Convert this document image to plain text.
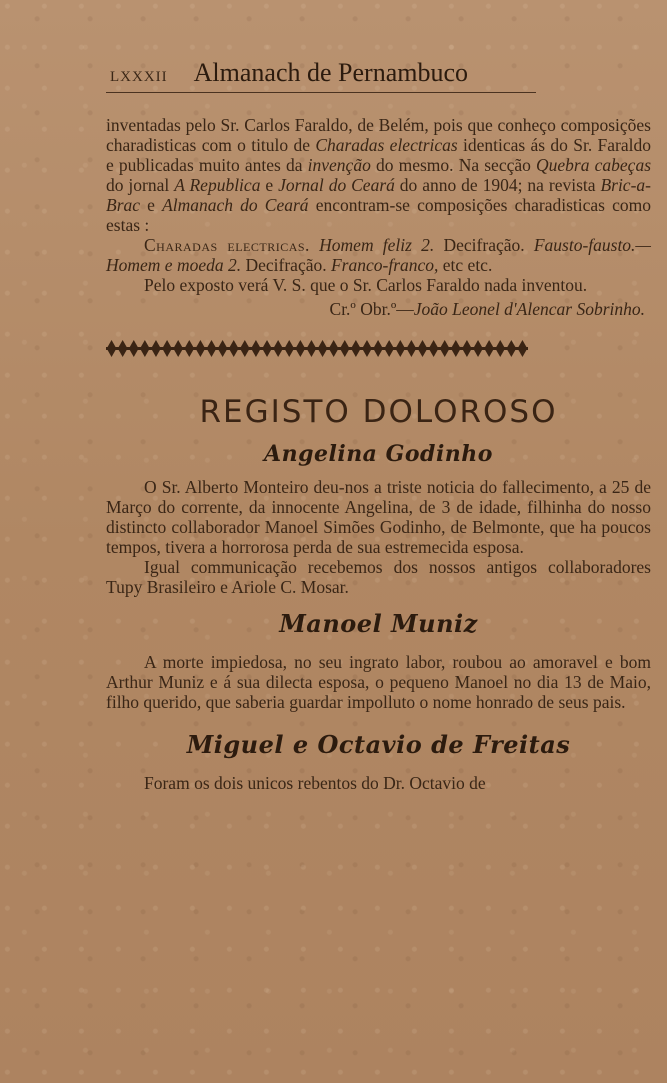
LXXXII Almanach de Pernambuco

inventadas pelo Sr. Carlos Faraldo, de Belém, pois que conheço composições charadisticas com o titulo de Charadas electricas identicas ás do Sr. Faraldo e publicadas muito antes da invenção do mesmo. Na secção Quebra cabeças do jornal A Republica e Jornal do Ceará do anno de 1904; na revista Bric-a-Brac e Almanach do Ceará encontram-se composições charadisticas como estas :

Charadas electricas. Homem feliz 2. Decifração. Fausto-fausto.—Homem e moeda 2. Decifração. Franco-franco, etc etc.

Pelo exposto verá V. S. que o Sr. Carlos Faraldo nada inventou.

Cr.º Obr.º—João Leonel d'Alencar Sobrinho.
REGISTO DOLOROSO
Angelina Godinho

O Sr. Alberto Monteiro deu-nos a triste noticia do fallecimento, a 25 de Março do corrente, da innocente Angelina, de 3 de idade, filhinha do nosso distincto collaborador Manoel Simões Godinho, de Belmonte, que ha poucos tempos, tivera a horrorosa perda de sua estremecida esposa.

Igual communicação recebemos dos nossos antigos collaboradores Tupy Brasileiro e Ariole C. Mosar.

Manoel Muniz

A morte impiedosa, no seu ingrato labor, roubou ao amoravel e bom Arthur Muniz e á sua dilecta esposa, o pequeno Manoel no dia 13 de Maio, filho querido, que saberia guardar impolluto o nome honrado de seus pais.

Miguel e Octavio de Freitas

Foram os dois unicos rebentos do Dr. Octavio de
